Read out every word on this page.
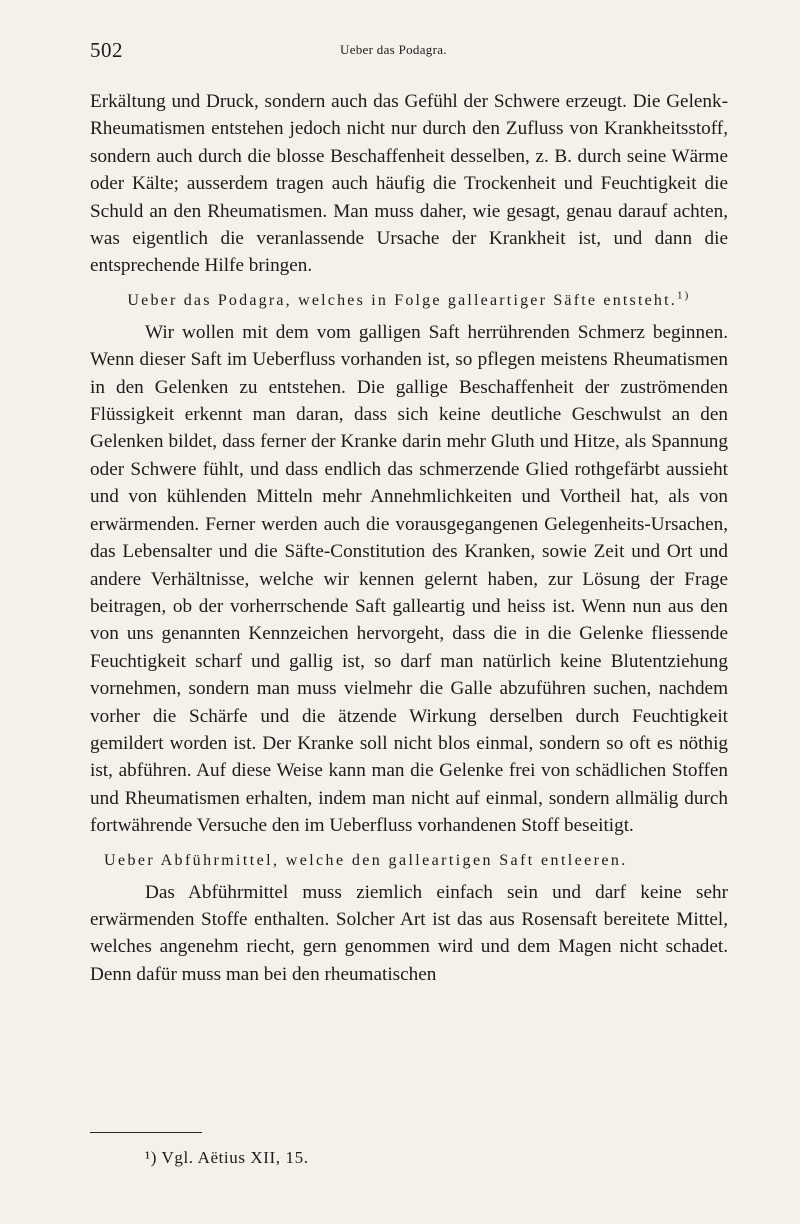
502	Ueber das Podagra.

Erkältung und Druck, sondern auch das Gefühl der Schwere erzeugt. Die Gelenk-Rheumatismen entstehen jedoch nicht nur durch den Zufluss von Krankheitsstoff, sondern auch durch die blosse Beschaffenheit desselben, z. B. durch seine Wärme oder Kälte; ausserdem tragen auch häufig die Trockenheit und Feuchtigkeit die Schuld an den Rheumatismen. Man muss daher, wie gesagt, genau darauf achten, was eigentlich die veranlassende Ursache der Krankheit ist, und dann die entsprechende Hilfe bringen.

Ueber das Podagra, welches in Folge galleartiger Säfte entsteht.$^{1)}$

Wir wollen mit dem vom galligen Saft herrührenden Schmerz beginnen. Wenn dieser Saft im Ueberfluss vorhanden ist, so pflegen meistens Rheumatismen in den Gelenken zu entstehen. Die gallige Beschaffenheit der zuströmenden Flüssigkeit erkennt man daran, dass sich keine deutliche Geschwulst an den Gelenken bildet, dass ferner der Kranke darin mehr Gluth und Hitze, als Spannung oder Schwere fühlt, und dass endlich das schmerzende Glied rothgefärbt aussieht und von kühlenden Mitteln mehr Annehmlichkeiten und Vortheil hat, als von erwärmenden. Ferner werden auch die vorausgegangenen Gelegenheits-Ursachen, das Lebensalter und die Säfte-Constitution des Kranken, sowie Zeit und Ort und andere Verhältnisse, welche wir kennen gelernt haben, zur Lösung der Frage beitragen, ob der vorherrschende Saft galleartig und heiss ist. Wenn nun aus den von uns genannten Kennzeichen hervorgeht, dass die in die Gelenke fliessende Feuchtigkeit scharf und gallig ist, so darf man natürlich keine Blutentziehung vornehmen, sondern man muss vielmehr die Galle abzuführen suchen, nachdem vorher die Schärfe und die ätzende Wirkung derselben durch Feuchtigkeit gemildert worden ist. Der Kranke soll nicht blos einmal, sondern so oft es nöthig ist, abführen. Auf diese Weise kann man die Gelenke frei von schädlichen Stoffen und Rheumatismen erhalten, indem man nicht auf einmal, sondern allmälig durch fortwährende Versuche den im Ueberfluss vorhandenen Stoff beseitigt.

Ueber Abführmittel, welche den galleartigen Saft entleeren.

Das Abführmittel muss ziemlich einfach sein und darf keine sehr erwärmenden Stoffe enthalten. Solcher Art ist das aus Rosensaft bereitete Mittel, welches angenehm riecht, gern genommen wird und dem Magen nicht schadet. Denn dafür muss man bei den rheumatischen

¹) Vgl. Aëtius XII, 15.
